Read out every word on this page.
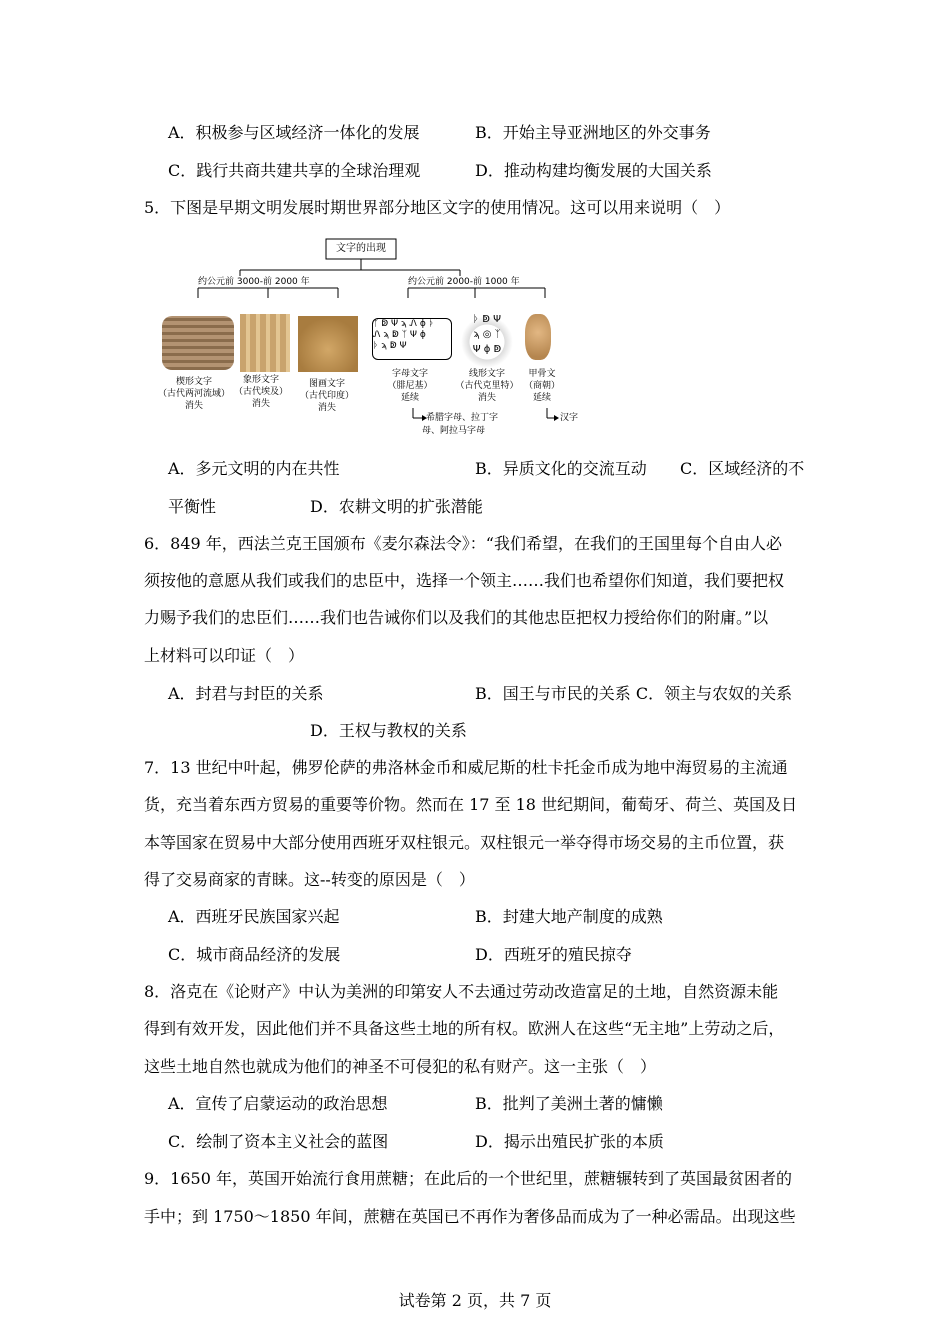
A．积极参与区域经济一体化的发展	B．开始主导亚洲地区的外交事务
C．践行共商共建共享的全球治理观	D．推动构建均衡发展的大国关系
5．下图是早期文明发展时期世界部分地区文字的使用情况。这可以用来说明（　）
文字的出现
约公元前 3000-前 2000 年	约公元前 2000-前 1000 年
ᛉ ↁ Ψ ϡ Ꮑ ϕ ᚦ
Ꮑ ϡ ↁ ᛉ Ψ ϕ
ᚦ ϡ ↁ Ψ
ᚦ ↁ Ψ
ϡ ◎ ᛉ
Ψ ϕ ↁ
楔形文字
（古代两河流域）
消失
象形文字
（古代埃及）
消失
图画文字
（古代印度）
消失
字母文字
（腓尼基）
延续
线形文字
（古代克里特）
消失
甲骨文
（商朝）
延续
希腊字母、拉丁字
母、阿拉马字母
汉字
A．多元文明的内在共性	B．异质文化的交流互动 C．区域经济的不
平衡性	D．农耕文明的扩张潜能
6．849 年，西法兰克王国颁布《麦尔森法令》：“我们希望，在我们的王国里每个自由人必
须按他的意愿从我们或我们的忠臣中，选择一个领主……我们也希望你们知道，我们要把权
力赐予我们的忠臣们……我们也告诫你们以及我们的其他忠臣把权力授给你们的附庸。”以
上材料可以印证（　）
A．封君与封臣的关系	B．国王与市民的关系 C．领主与农奴的关系
D．王权与教权的关系
7．13 世纪中叶起，佛罗伦萨的弗洛林金币和威尼斯的杜卡托金币成为地中海贸易的主流通
货，充当着东西方贸易的重要等价物。然而在 17 至 18 世纪期间，葡萄牙、荷兰、英国及日
本等国家在贸易中大部分使用西班牙双柱银元。双柱银元一举夺得市场交易的主币位置，获
得了交易商家的青睐。这--转变的原因是（　）
A．西班牙民族国家兴起	B．封建大地产制度的成熟
C．城市商品经济的发展	D．西班牙的殖民掠夺
8．洛克在《论财产》中认为美洲的印第安人不去通过劳动改造富足的土地，自然资源未能
得到有效开发，因此他们并不具备这些土地的所有权。欧洲人在这些“无主地”上劳动之后，
这些土地自然也就成为他们的神圣不可侵犯的私有财产。这一主张（　）
A．宣传了启蒙运动的政治思想	B．批判了美洲土著的慵懒
C．绘制了资本主义社会的蓝图	D．揭示出殖民扩张的本质
9．1650 年，英国开始流行食用蔗糖；在此后的一个世纪里，蔗糖辗转到了英国最贫困者的
手中；到 1750～1850 年间，蔗糖在英国已不再作为奢侈品而成为了一种必需品。出现这些
试卷第 2 页，共 7 页
